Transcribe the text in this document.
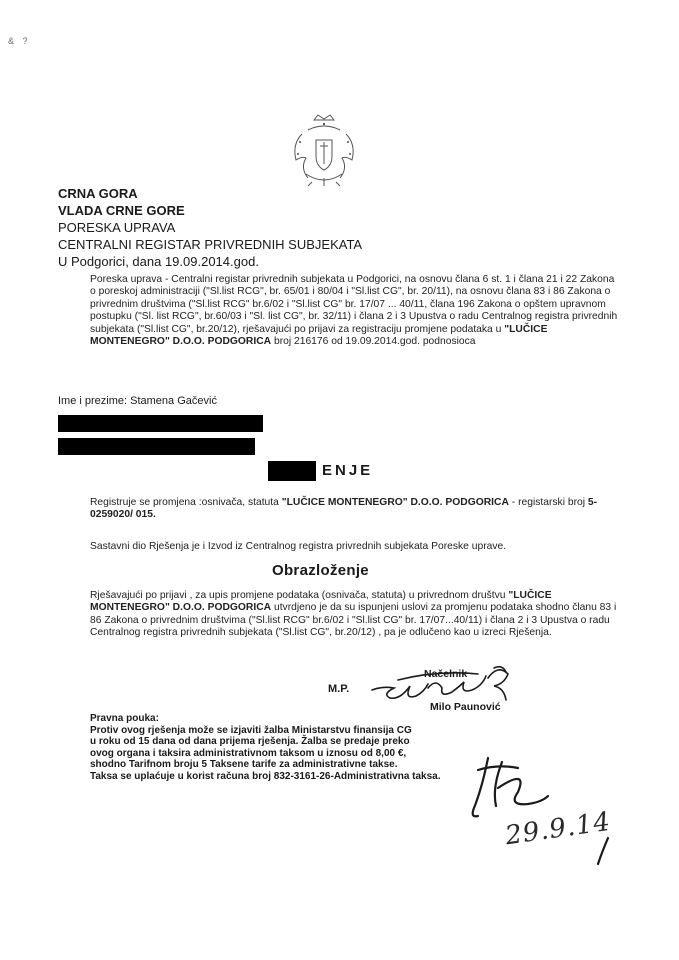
& ?
CRNA GORA
VLADA CRNE GORE
PORESKA UPRAVA
CENTRALNI REGISTAR PRIVREDNIH SUBJEKATA
U Podgorici, dana 19.09.2014.god.
Poreska uprava - Centralni registar privrednih subjekata u Podgorici, na osnovu člana 6 st. 1 i člana 21 i 22 Zakona o poreskoj administraciji ("Sl.list RCG", br. 65/01 i 80/04 i "Sl.list CG", br. 20/11), na osnovu člana 83 i 86 Zakona o privrednim društvima ("Sl.list RCG" br.6/02 i "Sl.list CG" br. 17/07 ... 40/11, člana 196 Zakona o opštem upravnom postupku ("Sl. list RCG", br.60/03 i "Sl. list CG", br. 32/11) i člana 2 i 3 Upustva o radu Centralnog registra privrednih subjekata ("Sl.list CG", br.20/12), rješavajući po prijavi za registraciju promjene podataka u "LUČICE MONTENEGRO" D.O.O. PODGORICA broj 216176 od 19.09.2014.god. podnosioca
Ime i prezime: Stamena Gačević
ENJE
Registruje se promjena :osnivača, statuta "LUČICE MONTENEGRO" D.O.O. PODGORICA - registarski broj 5-0259020/ 015.
Sastavni dio Rješenja je i Izvod iz Centralnog registra privrednih subjekata Poreske uprave.
Obrazloženje
Rješavajući po prijavi , za upis promjene podataka (osnivača, statuta) u privrednom društvu "LUČICE MONTENEGRO" D.O.O. PODGORICA utvrdjeno je da su ispunjeni uslovi za promjenu podataka shodno članu 83 i 86 Zakona o privrednim društvima ("Sl.list RCG" br.6/02 i "Sl.list CG" br. 17/07...40/11) i člana 2 i 3 Upustva o radu Centralnog registra privrednih subjekata ("Sl.list CG", br.20/12) , pa je odlučeno kao u izreci Rješenja.
M.P.
Načelnik
Milo Paunović
Pravna pouka:
Protiv ovog rješenja može se izjaviti žalba Ministarstvu finansija CG
u roku od 15 dana od dana prijema rješenja. Žalba se predaje preko
ovog organa i taksira administrativnom taksom u iznosu od 8,00 €,
shodno Tarifnom broju 5 Taksene tarife za administrativne takse.
Taksa se uplaćuje u korist računa broj 832-3161-26-Administrativna taksa.
29.9.14
